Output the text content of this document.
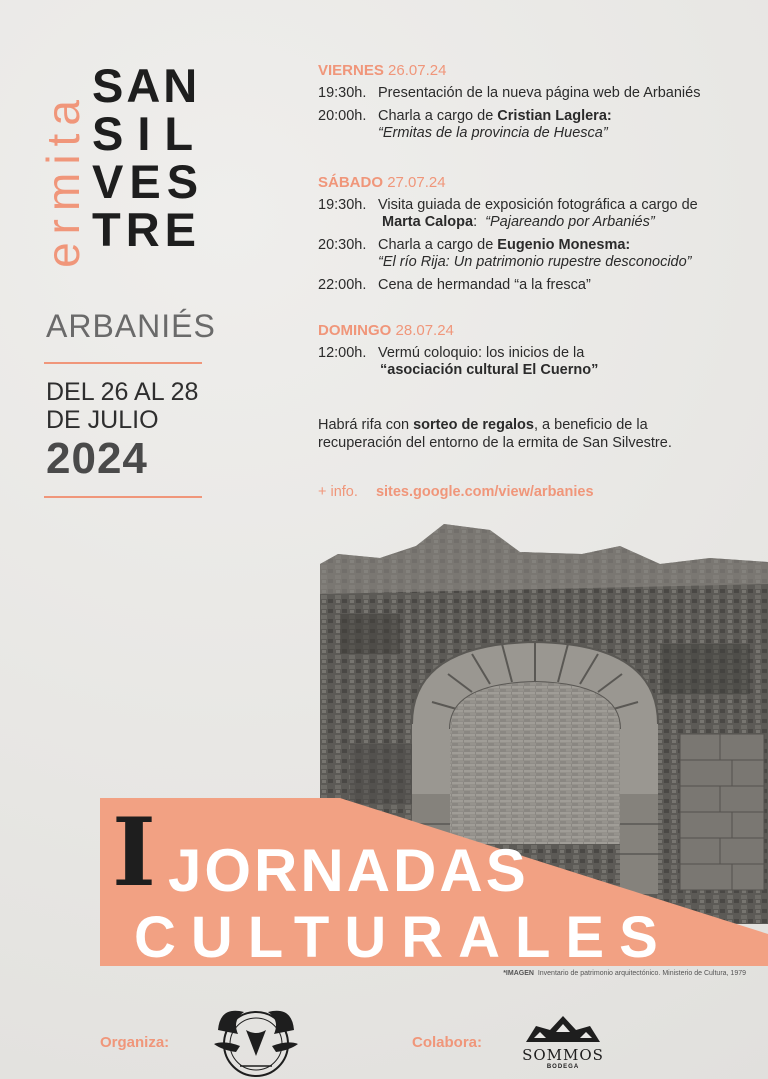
ermita
SAN
SIL
VES
TRE
ARBANIÉS
DEL 26 AL 28
DE JULIO
2024
VIERNES 26.07.24
19:30h. Presentación de la nueva página web de Arbaniés
20:00h. Charla a cargo de Cristian Laglera:
“Ermitas de la provincia de Huesca”
SÁBADO 27.07.24
19:30h. Visita guiada de exposición fotográfica a cargo de
Marta Calopa: “Pajareando por Arbaniés”
20:30h. Charla a cargo de Eugenio Monesma:
“El río Rija: Un patrimonio rupestre desconocido”
22:00h. Cena de hermandad “a la fresca”
DOMINGO 28.07.24
12:00h. Vermú coloquio: los inicios de la
“asociación cultural El Cuerno”
Habrá rifa con sorteo de regalos, a beneficio de la recuperación del entorno de la ermita de San Silvestre.
+ info. sites.google.com/view/arbanies
I JORNADAS
CULTURALES
*IMAGEN Inventario de patrimonio arquitectónico. Ministerio de Cultura, 1979
Organiza:	Colabora:
SOMMOS
BODEGA
